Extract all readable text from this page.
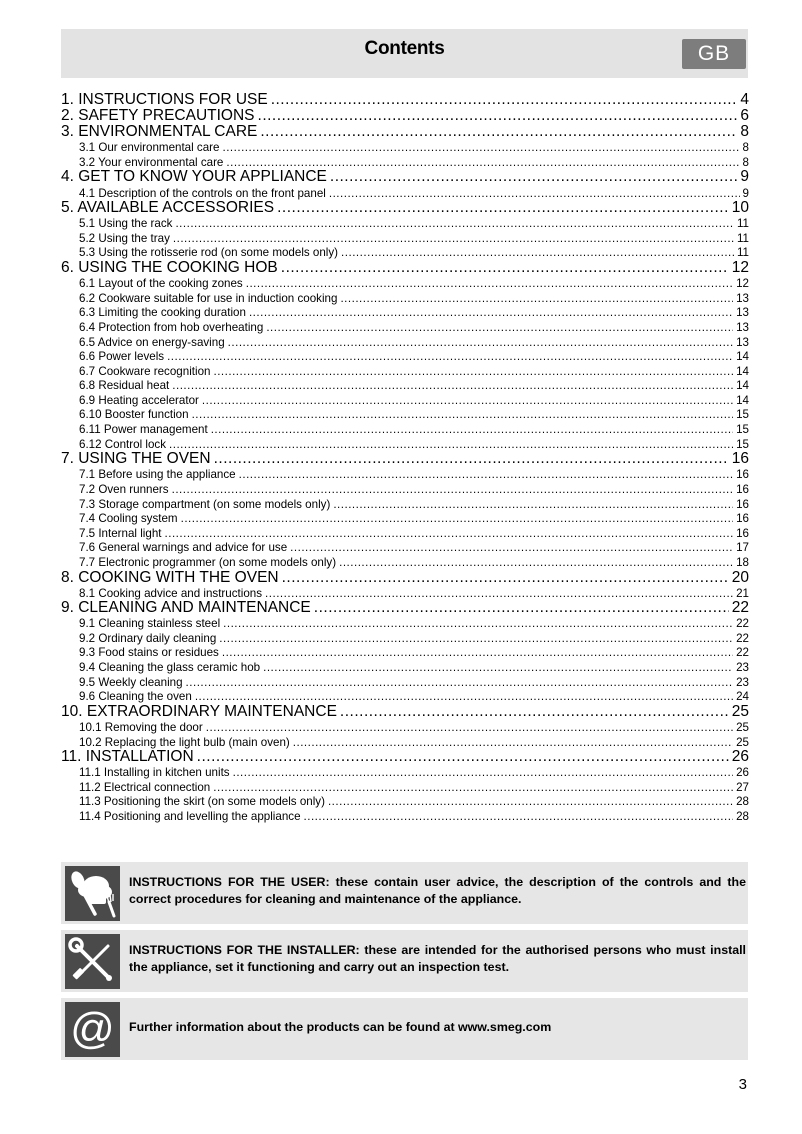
Contents	GB
1. INSTRUCTIONS FOR USE .....	4
2. SAFETY PRECAUTIONS .....	6
3. ENVIRONMENTAL CARE .....	8
3.1 Our environmental care .....	8
3.2 Your environmental care .....	8
4. GET TO KNOW YOUR APPLIANCE .....	9
4.1 Description of the controls on the front panel .....	9
5. AVAILABLE ACCESSORIES .....	10
5.1 Using the rack .....	11
5.2 Using the tray .....	11
5.3 Using the rotisserie rod (on some models only) .....	11
6. USING THE COOKING HOB .....	12
6.1 Layout of the cooking zones .....	12
6.2 Cookware suitable for use in induction cooking .....	13
6.3 Limiting the cooking duration .....	13
6.4 Protection from hob overheating .....	13
6.5 Advice on energy-saving .....	13
6.6 Power levels .....	14
6.7 Cookware recognition .....	14
6.8 Residual heat .....	14
6.9 Heating accelerator .....	14
6.10 Booster function .....	15
6.11 Power management .....	15
6.12 Control lock .....	15
7. USING THE OVEN .....	16
7.1 Before using the appliance .....	16
7.2 Oven runners .....	16
7.3 Storage compartment (on some models only) .....	16
7.4 Cooling system .....	16
7.5 Internal light .....	16
7.6 General warnings and advice for use .....	17
7.7 Electronic programmer (on some models only) .....	18
8. COOKING WITH THE OVEN .....	20
8.1 Cooking advice and instructions .....	21
9. CLEANING AND MAINTENANCE .....	22
9.1 Cleaning stainless steel .....	22
9.2 Ordinary daily cleaning .....	22
9.3 Food stains or residues .....	22
9.4 Cleaning the glass ceramic hob .....	23
9.5 Weekly cleaning .....	23
9.6 Cleaning the oven .....	24
10. EXTRAORDINARY MAINTENANCE .....	25
10.1 Removing the door .....	25
10.2 Replacing the light bulb (main oven) .....	25
11. INSTALLATION .....	26
11.1 Installing in kitchen units .....	26
11.2 Electrical connection .....	27
11.3 Positioning the skirt (on some models only) .....	28
11.4 Positioning and levelling the appliance .....	28
INSTRUCTIONS FOR THE USER: these contain user advice, the description of the controls and the correct procedures for cleaning and maintenance of the appliance.
INSTRUCTIONS FOR THE INSTALLER: these are intended for the authorised persons who must install the appliance, set it functioning and carry out an inspection test.
@ Further information about the products can be found at www.smeg.com
3
